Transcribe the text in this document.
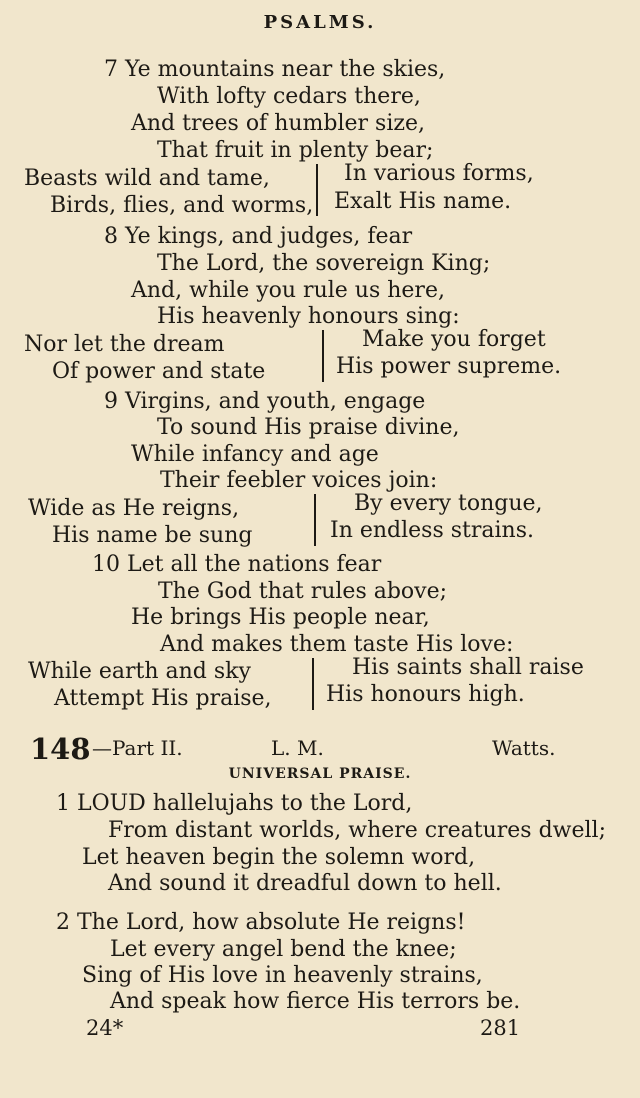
PSALMS.
7 Ye mountains near the skies,
With lofty cedars there,
And trees of humbler size,
That fruit in plenty bear;
Beasts wild and tame,
Birds, flies, and worms,
In various forms,
Exalt His name.
8 Ye kings, and judges, fear
The Lord, the sovereign King;
And, while you rule us here,
His heavenly honours sing:
Nor let the dream
Of power and state
Make you forget
His power supreme.
9 Virgins, and youth, engage
To sound His praise divine,
While infancy and age
Their feebler voices join:
Wide as He reigns,
His name be sung
By every tongue,
In endless strains.
10 Let all the nations fear
The God that rules above;
He brings His people near,
And makes them taste His love:
While earth and sky
Attempt His praise,
His saints shall raise
His honours high.
148 —Part II.	L. M.	Watts.
UNIVERSAL PRAISE.
1 LOUD hallelujahs to the Lord,
From distant worlds, where creatures dwell;
Let heaven begin the solemn word,
And sound it dreadful down to hell.
2 The Lord, how absolute He reigns!
Let every angel bend the knee;
Sing of His love in heavenly strains,
And speak how fierce His terrors be.
24*	281
